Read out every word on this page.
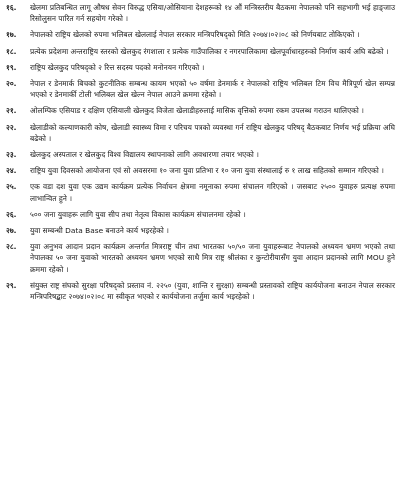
१६.	खेलमा प्रतिबन्धित लागू औषध सेवन विरुद्ध एसिया/ओसियाना देशहरूको १४ औं मन्त्रिस्तरीय बैठकमा नेपालको पनि सहभागी भई हाङ्जाउ रिसोलुसन पारित गर्न सहयोग गरेको ।
१७.	नेपालको राष्ट्रिय खेलको रुपमा भलिबल खेललाई नेपाल सरकार मन्त्रिपरिषद्को मिति २०७४।०२।०८ को निर्णयबाट तोकिएको ।
१८.	प्रत्येक प्रदेशमा अन्तराष्ट्रिय स्तरको खेलकुद रंगशाला र प्रत्येक गाउँपालिका र नगरपालिकामा खेलपूर्वाधारहरुको निर्माण कार्य अघि बढेको ।
१९.	राष्ट्रिय खेलकुद परिषद्को २ रित्त सदस्य पदको मनोनयन गरिएको ।
२०.	नेपाल र डेनमार्क बिचको कुटनीतिक सम्बन्ध कायम भएको ५० वर्षमा डेनमार्क र नेपालको राष्ट्रिय भलिबल टिम विच मैत्रिपूर्ण खेल सम्पन्न भएको र डेनमार्की टोली भलिबल खेल खेल्न नेपाल आउने क्रममा रहेको ।
२१.	ओलम्पिक एसियाड र दक्षिण एसियाली खेलकुद विजेता खेलाडीहरुलाई मासिक वृत्तिको रुपमा रकम उपलब्ध गराउन थालिएको ।
२२.	खेलाडीको कल्याणकारी कोष, खेलाडी स्वास्थ्य विमा र परिचय पत्रको व्यवस्था गर्न राष्ट्रिय खेलकुद परिषद् बैठकबाट निर्णय भई प्रक्रिया अघि बढेको ।
२३.	खेलकुद अस्पताल र खेलकुद विश्व विद्यालय स्थापनाको लागि अवधारणा तयार भएको ।
२४.	राष्ट्रिय युवा दिवसको आयोजना एवं सो अवसरमा १० जना युवा प्रतिभा र १० जना युवा संस्थालाई रु १ लाख सहितको सम्मान गरिएको ।
२५.	एक वडा दश युवा एक उद्यम कार्यक्रम प्रत्येक निर्वाचन क्षेत्रमा नमूनाका रुपमा संचालन गरिएको । जसबाट २५०० युवाहरु प्रत्यक्ष रुपमा लाभान्वित हुने ।
२६.	५०० जना युवाहरू लागि युवा सीप तथा नेतृत्व विकास कार्यक्रम संचालनमा रहेको ।
२७.	युवा सम्बन्धी Data Base बनाउने कार्य भइरहेको ।
२८.	युवा अनुभव आदान प्रदान कार्यक्रम अन्तर्गत मित्रराष्ट्र चीन तथा भारतका ५०/५० जना युवाहरूबाट नेपालको अध्ययन भ्रमण भएको तथा नेपालका ५० जना युवाको भारतको अध्ययन भ्रमण भएको साथै मित्र राष्ट्र श्रीलंका र कुन्टोरीयासँग युवा आदान प्रदानको लागि MOU हुने क्रममा रहेको ।
२९.	संयुक्त राष्ट्र संघको सुरक्षा परिषद्को प्रस्ताव नं. २२५० (युवा, शान्ति र सुरक्षा) सम्बन्धी प्रस्तावको राष्ट्रिय कार्ययोजना बनाउन नेपाल सरकार मन्त्रिपरिषद्बाट २०७४।०२।०८ मा स्वीकृत भएको र कार्ययोजना तर्जुमा कार्य भइरहेको ।
